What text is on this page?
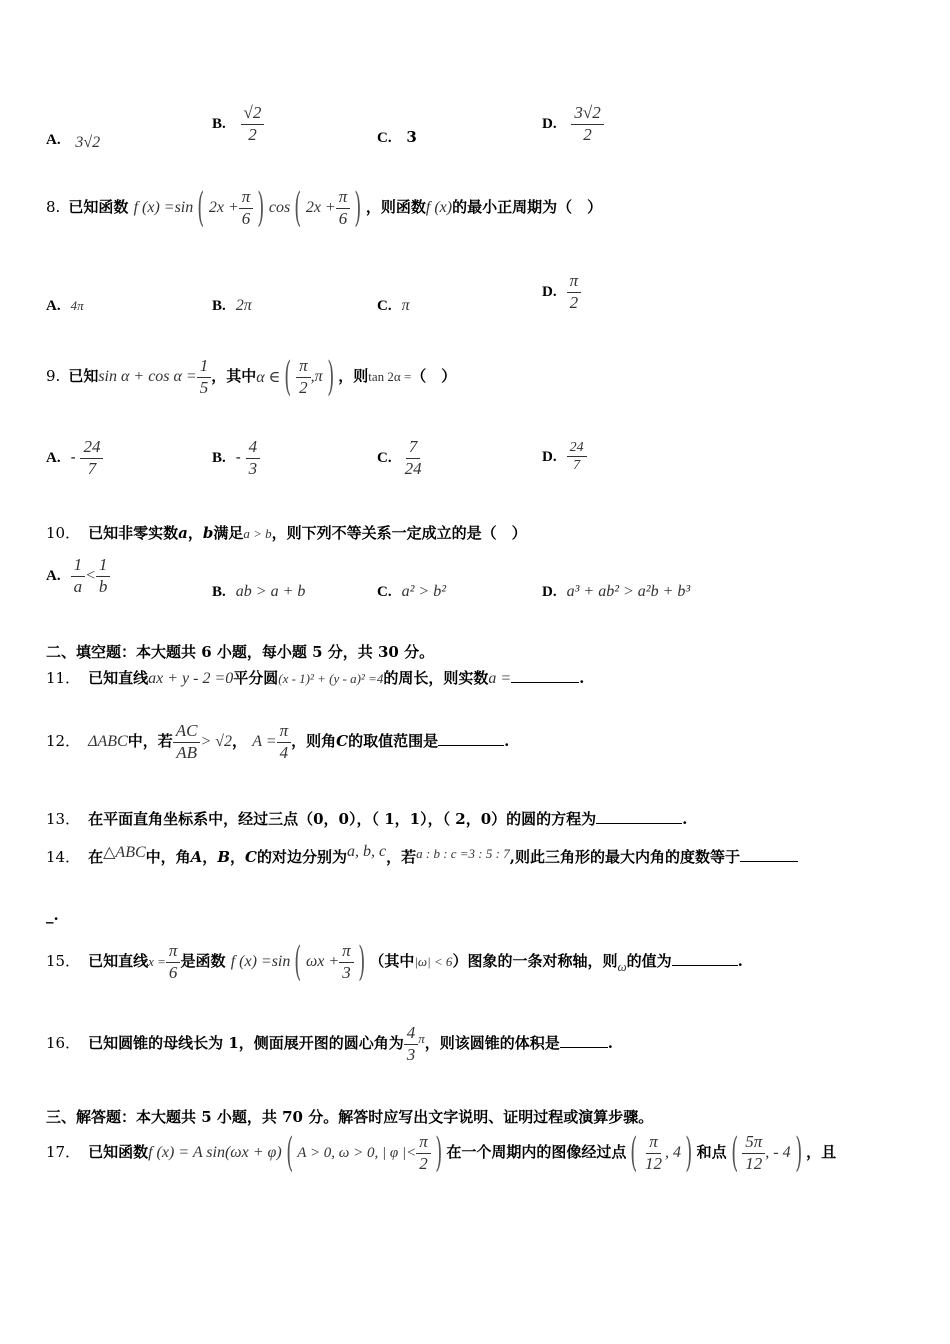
A. 3√2
B. $\frac{√2}{2}$	C. 3
D. $\frac{3√2}{2}$
8. 已知函数 f (x) =sin ( $2x + \frac{\pi}{6}$ ) cos ( $2x + \frac{\pi}{6}$ ) ，则函数f (x)的最小正周期为（　）
A. 4π	B. 2π	C. π
D. $\frac{\pi}{2}$
9. 已知$\sin \alpha + \cos \alpha = \frac{1}{5}$ ，其中α ∈ ( $\frac{\pi}{2} ,\pi$ ) ，则tan 2α =（　）
A. - $\frac{24}{7}$	B. - $\frac{4}{3}$	C. $\frac{7}{24}$	D. $\frac{24}{7}$
10． 已知非零实数a，b满足a > b，则下列不等关系一定成立的是（　）
A. $\frac{1}{a} < \frac{1}{b}$	B. ab > a + b	C. a² > b²	D. a³ + ab² > a²b + b³
二、填空题：本大题共 6 小题，每小题 5 分，共 30 分。
11． 已知直线ax + y - 2 =0平分圆(x - 1)² + (y - a)² =4的周长，则实数a =	.
12． ΔABC中，若 $\frac{AC}{AB} > √2$， $A = \frac{\pi}{4}$ ，则角C的取值范围是	.
13． 在平面直角坐标系中，经过三点（0，0），（ 1，1），（ 2，0）的圆的方程为	.
14． 在△ABC中，角A，B，C的对边分别为a, b, c，若a : b : c =3 : 5 : 7,则此三角形的最大内角的度数等于
_.
15． 已知直线$x = \frac{\pi}{6}$ 是函数 f (x) =sin ( $\omega x + \frac{\pi}{3}$ ) （其中|ω| < 6）图象的一条对称轴，则ω的值为	.
16． 已知圆锥的母线长为 1，侧面展开图的圆心角为 $\frac{4}{3}$ π，则该圆锥的体积是	.
三、解答题：本大题共 5 小题，共 70 分。解答时应写出文字说明、证明过程或演算步骤。
17． 已知函数f (x) = A sin(ωx + φ) ( A > 0, ω > 0, | φ |< $\frac{\pi}{2}$ ) 在一个周期内的图像经过点 ( $\frac{\pi}{12}$ , 4 ) 和点 ( $\frac{5\pi}{12}$ , - 4 ) ，且
